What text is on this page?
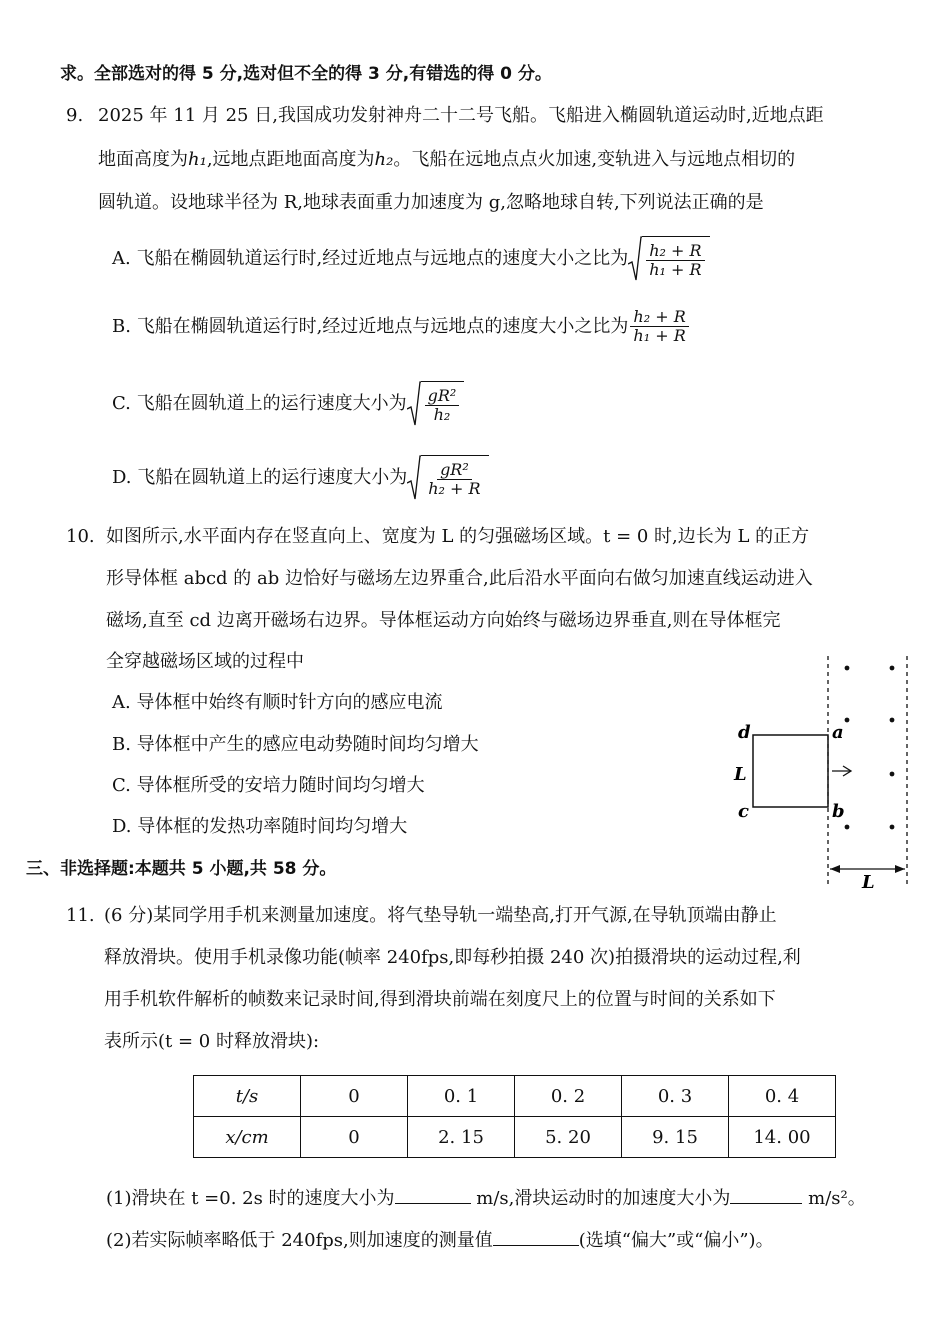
求。全部选对的得 5 分,选对但不全的得 3 分,有错选的得 0 分。
9. 2025 年 11 月 25 日,我国成功发射神舟二十二号飞船。飞船进入椭圆轨道运动时,近地点距
地面高度为h₁,远地点距地面高度为h₂。飞船在远地点点火加速,变轨进入与远地点相切的
圆轨道。设地球半径为 R,地球表面重力加速度为 g,忽略地球自转,下列说法正确的是
A.
飞船在椭圆轨道运行时,经过近地点与远地点的速度大小之比为 $\frac{\text{h₂ + R}}{\text{h₁ + R}}$
B.
飞船在椭圆轨道运行时,经过近地点与远地点的速度大小之比为 $\frac{\text{h₂ + R}}{\text{h₁ + R}}$
C.
飞船在圆轨道上的运行速度大小为 $\frac{\text{gR²}}{\text{h₂}}$
D.
飞船在圆轨道上的运行速度大小为 $\frac{\text{gR²}}{\text{h₂ + R}}$
10. 如图所示,水平面内存在竖直向上、宽度为 L 的匀强磁场区域。t = 0 时,边长为 L 的正方
形导体框 abcd 的 ab 边恰好与磁场左边界重合,此后沿水平面向右做匀加速直线运动进入
磁场,直至 cd 边离开磁场右边界。导体框运动方向始终与磁场边界垂直,则在导体框完
全穿越磁场区域的过程中
A. 导体框中始终有顺时针方向的感应电流
B. 导体框中产生的感应电动势随时间均匀增大
C. 导体框所受的安培力随时间均匀增大
D. 导体框的发热功率随时间均匀增大
d	a
c	b
L
L
三、非选择题:本题共 5 小题,共 58 分。
11. (6 分)某同学用手机来测量加速度。将气垫导轨一端垫高,打开气源,在导轨顶端由静止
释放滑块。使用手机录像功能(帧率 240fps,即每秒拍摄 240 次)拍摄滑块的运动过程,利
用手机软件解析的帧数来记录时间,得到滑块前端在刻度尺上的位置与时间的关系如下
表所示(t = 0 时释放滑块):
t/s	0	0. 1	0. 2	0. 3	0. 4
x/cm	0	2. 15	5. 20	9. 15	14. 00
(1)滑块在 t =0. 2s 时的速度大小为	m/s,滑块运动时的加速度大小为	m/s²。
(2)若实际帧率略低于 240fps,则加速度的测量值	(选填“偏大”或“偏小”)。
